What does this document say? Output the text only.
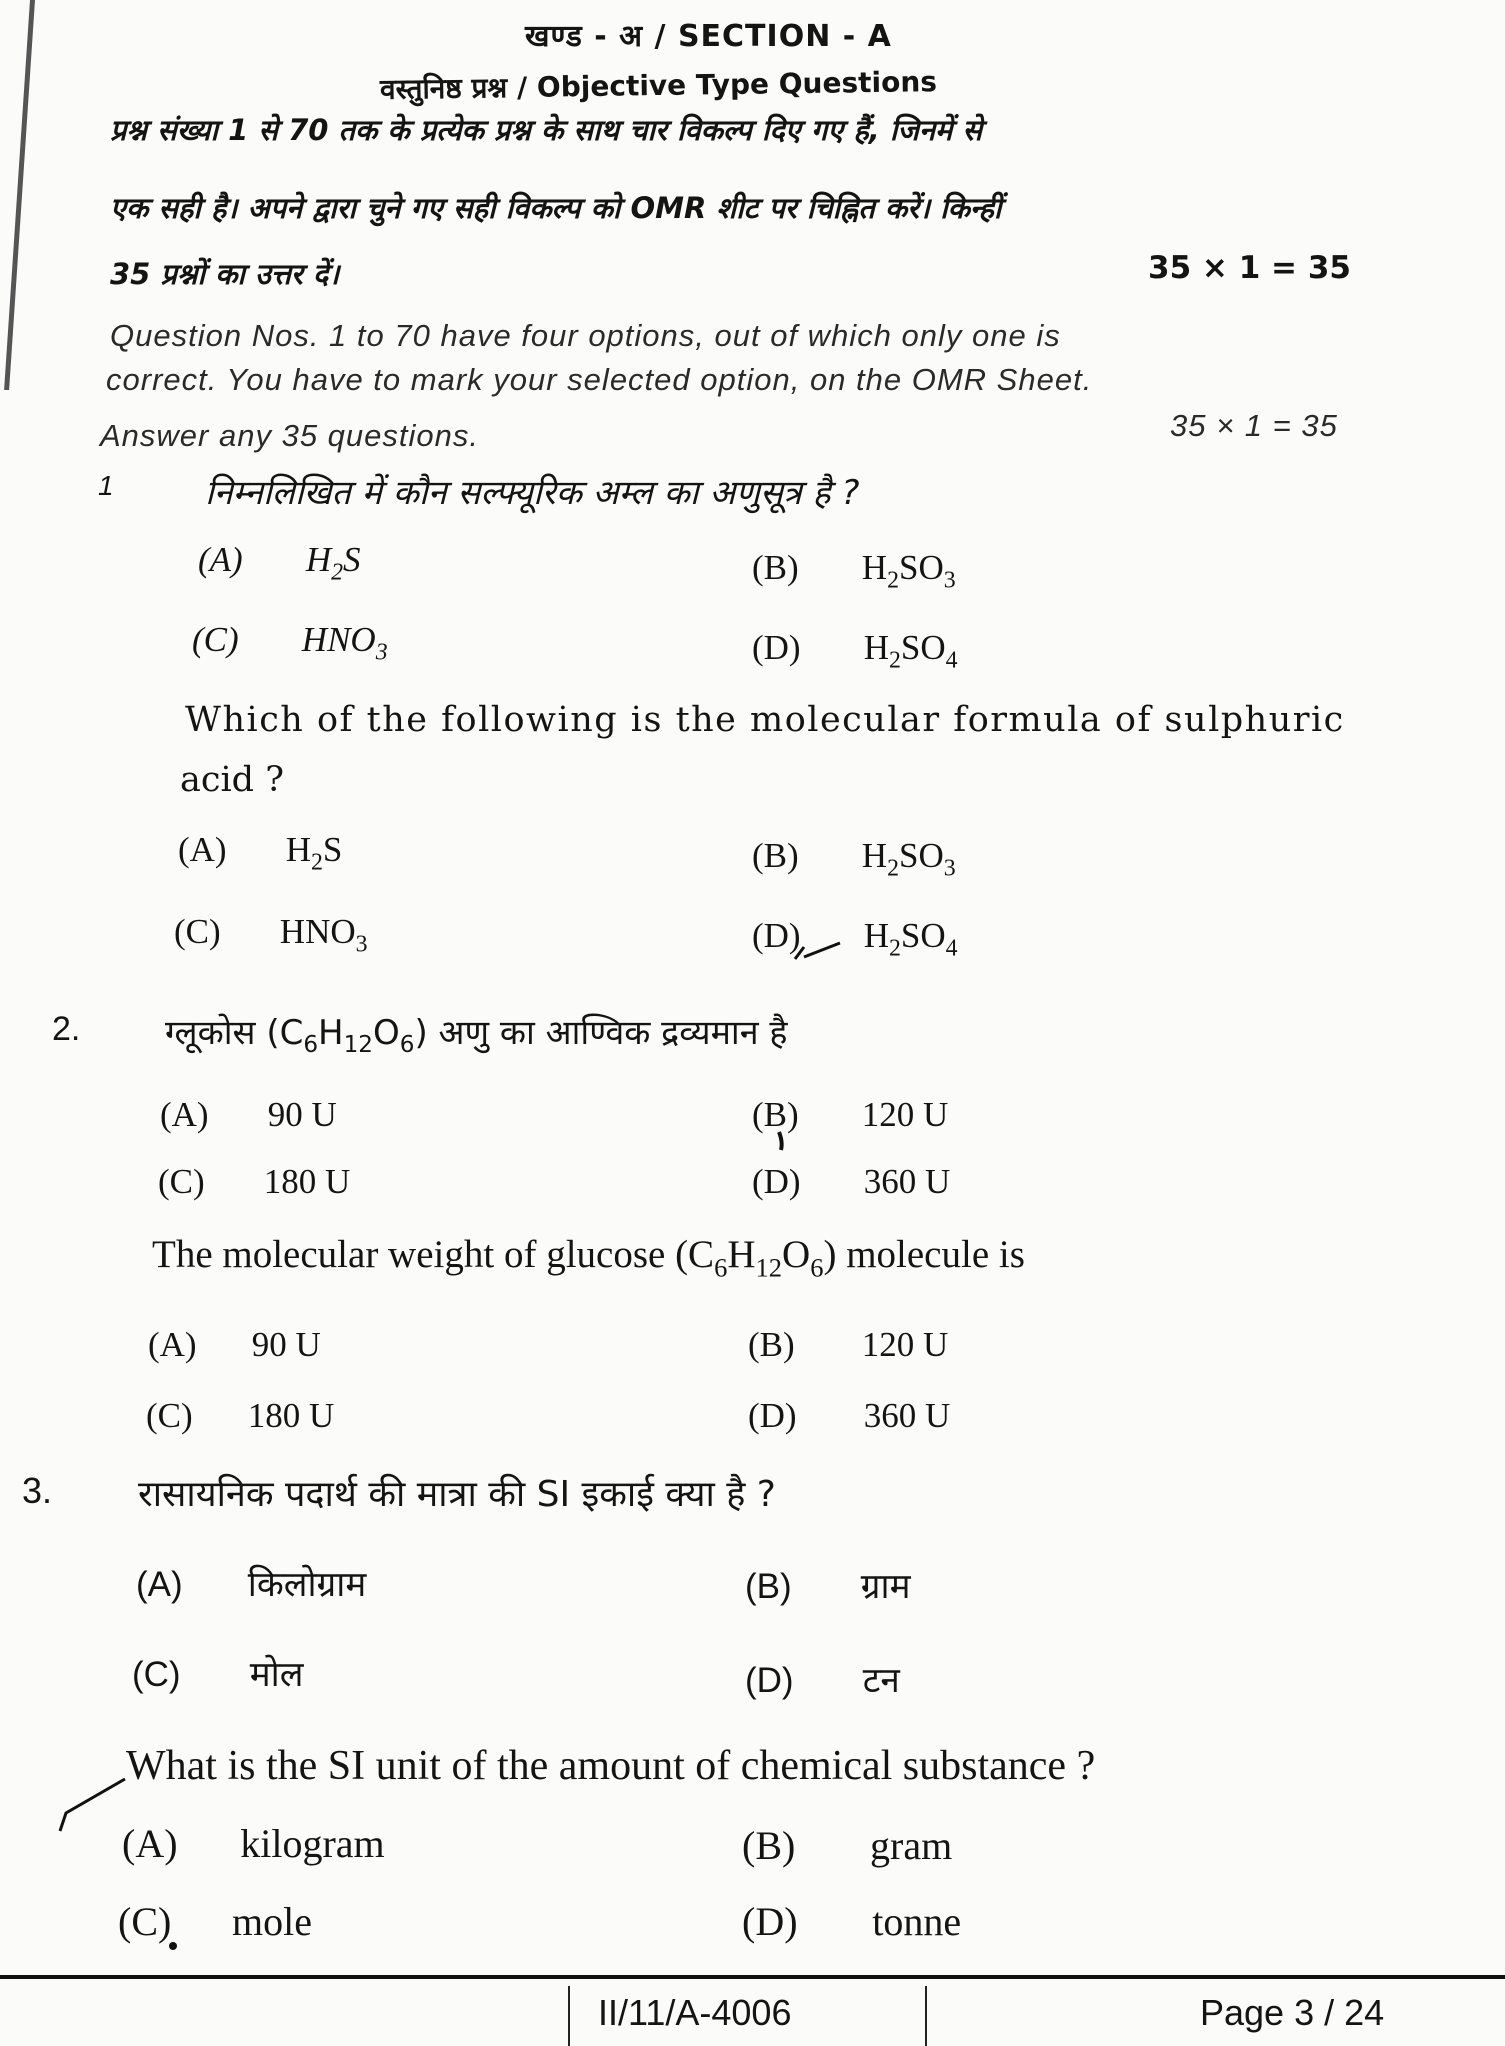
खण्ड - अ / SECTION - A
वस्तुनिष्ठ प्रश्न / Objective Type Questions
प्रश्न संख्या 1 से 70 तक के प्रत्येक प्रश्न के साथ चार विकल्प दिए गए हैं, जिनमें से
एक सही है। अपने द्वारा चुने गए सही विकल्प को OMR शीट पर चिह्नित करें। किन्हीं
35 प्रश्नों का उत्तर दें।	35 × 1 = 35
Question Nos. 1 to 70 have four options, out of which only one is
correct. You have to mark your selected option, on the OMR Sheet.
Answer any 35 questions.	35 × 1 = 35
1	निम्नलिखित में कौन सल्फ्यूरिक अम्ल का अणुसूत्र है ?
(A) $H_2S$	(B) $H_2SO_3$
(C) $HNO_3$	(D) $H_2SO_4$
Which of the following is the molecular formula of sulphuric
acid ?
(A) $H_2S$	(B) $H_2SO_3$
(C) $HNO_3$	(D) $H_2SO_4$
2. ग्लूकोस $(C_6H_{12}O_6)$ अणु का आण्विक द्रव्यमान है
(A) 90 U	(B) 120 U
(C) 180 U	(D) 360 U
The molecular weight of glucose $(C_6H_{12}O_6)$ molecule is
(A) 90 U	(B) 120 U
(C) 180 U	(D) 360 U
3. रासायनिक पदार्थ की मात्रा की SI इकाई क्या है ?
(A) किलोग्राम	(B) ग्राम
(C) मोल	(D) टन
What is the SI unit of the amount of chemical substance ?
(A) kilogram	(B) gram
(C) mole	(D) tonne
II/11/A-4006	Page 3 / 24
